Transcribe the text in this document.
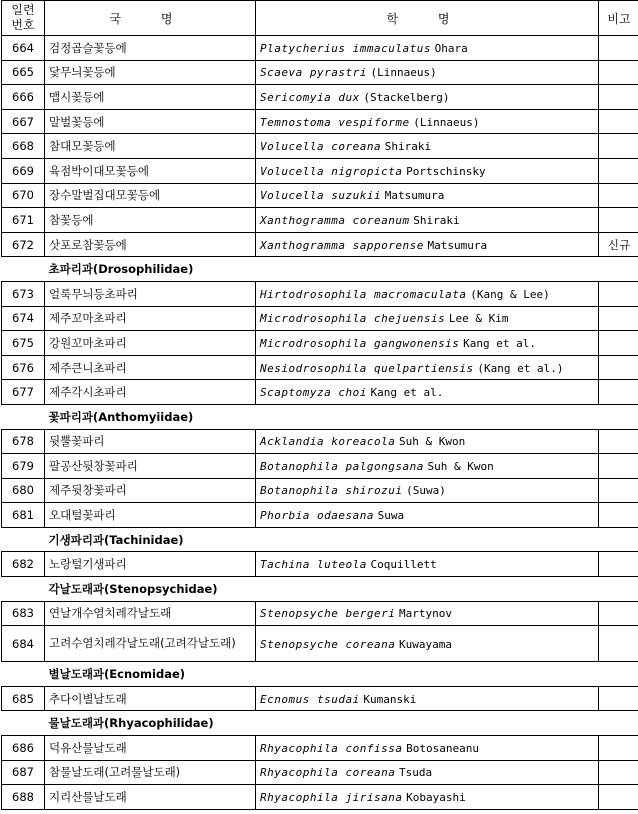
일련
번호	국 명	학 명	비고
664	검정곱슬꽃등에	Platycherius immaculatus Ohara	
665	닻무늬꽃등에	Scaeva pyrastri (Linnaeus)	
666	맵시꽃등에	Sericomyia dux (Stackelberg)	
667	말벌꽃등에	Temnostoma vespiforme (Linnaeus)	
668	참대모꽃등에	Volucella coreana Shiraki	
669	육점박이대모꽃등에	Volucella nigropicta Portschinsky	
670	장수말벌집대모꽃등에	Volucella suzukii Matsumura	
671	참꽃등에	Xanthogramma coreanum Shiraki	
672	삿포로참꽃등에	Xanthogramma sapporense Matsumura	신규
초파리과(Drosophilidae)			
673	얼룩무늬등초파리	Hirtodrosophila macromaculata (Kang & Lee)	
674	제주꼬마초파리	Microdrosophila chejuensis Lee & Kim	
675	강원꼬마초파리	Microdrosophila gangwonensis Kang et al.	
676	제주큰니초파리	Nesiodrosophila quelpartiensis (Kang et al.)	
677	제주각시초파리	Scaptomyza choi Kang et al.	
꽃파리과(Anthomyiidae)			
678	뒷뿔꽃파리	Acklandia koreacola Suh & Kwon	
679	팔공산뒷창꽃파리	Botanophila palgongsana Suh & Kwon	
680	제주뒷창꽃파리	Botanophila shirozui (Suwa)	
681	오대털꽃파리	Phorbia odaesana Suwa	
기생파리과(Tachinidae)			
682	노랑털기생파리	Tachina luteola Coquillett	
각날도래과(Stenopsychidae)			
683	연날개수염치레각날도래	Stenopsyche bergeri Martynov	
684	고려수염치레각날도래(고려각날도래)	Stenopsyche coreana Kuwayama	
별날도래과(Ecnomidae)			
685	추다이별날도래	Ecnomus tsudai Kumanski	
물날도래과(Rhyacophilidae)			
686	덕유산물날도래	Rhyacophila confissa Botosaneanu	
687	참물날도래(고려물날도래)	Rhyacophila coreana Tsuda	
688	지리산물날도래	Rhyacophila jirisana Kobayashi	
